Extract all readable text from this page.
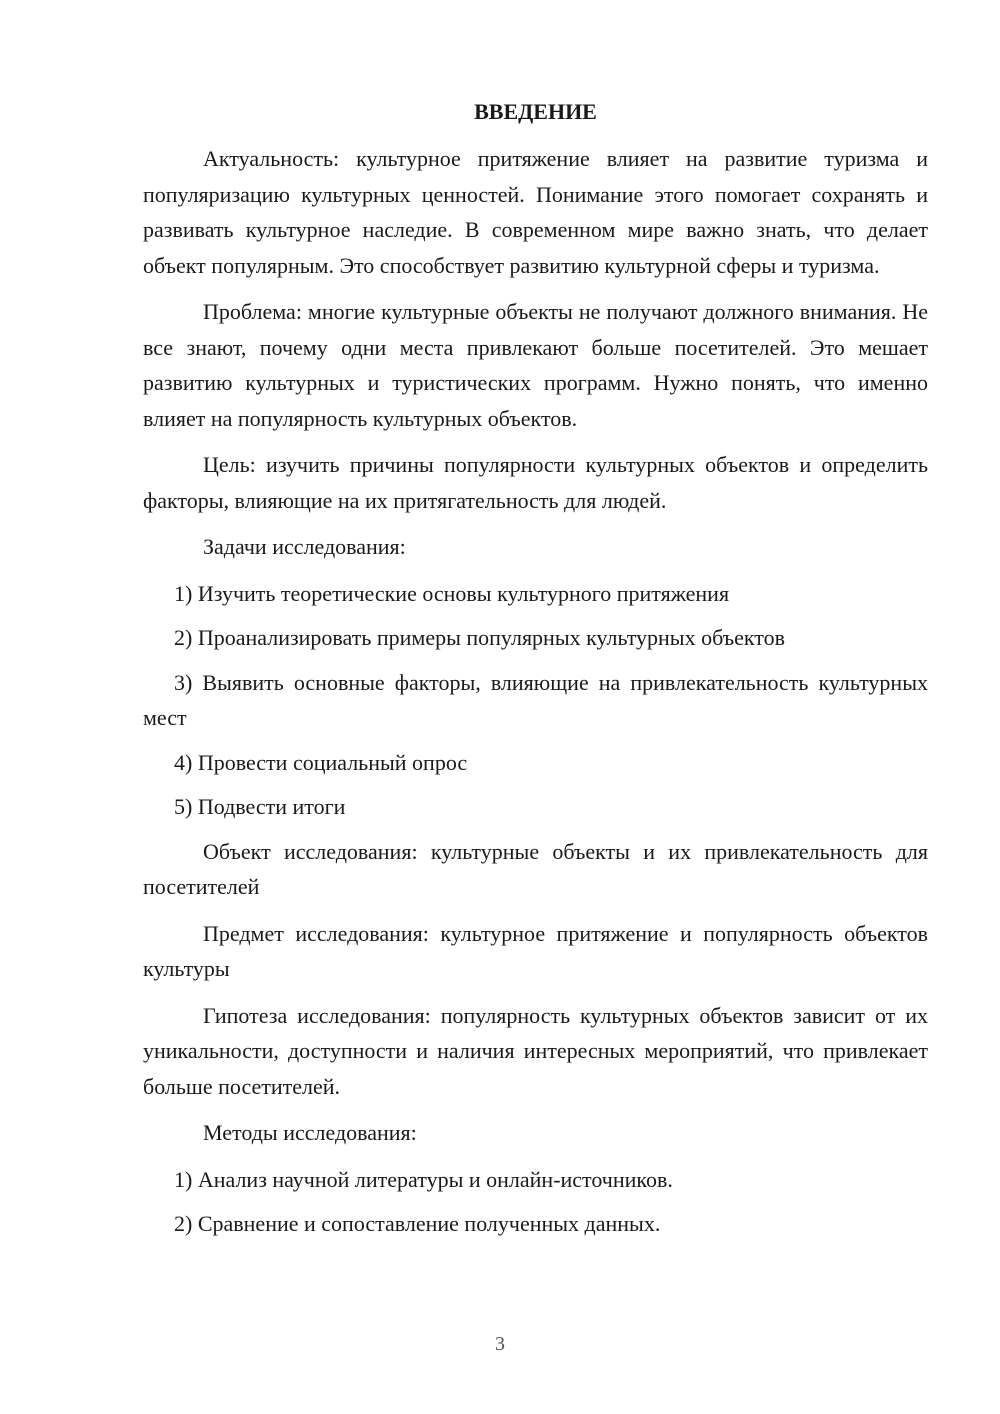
ВВЕДЕНИЕ

Актуальность: культурное притяжение влияет на развитие туризма и популяризацию культурных ценностей. Понимание этого помогает сохранять и развивать культурное наследие. В современном мире важно знать, что делает объект популярным. Это способствует развитию культурной сферы и туризма.

Проблема: многие культурные объекты не получают должного внимания. Не все знают, почему одни места привлекают больше посетителей. Это мешает развитию культурных и туристических программ. Нужно понять, что именно влияет на популярность культурных объектов.

Цель: изучить причины популярности культурных объектов и определить факторы, влияющие на их притягательность для людей.

Задачи исследования:

1) Изучить теоретические основы культурного притяжения

2) Проанализировать примеры популярных культурных объектов

3) Выявить основные факторы, влияющие на привлекательность культурных мест

4) Провести социальный опрос

5) Подвести итоги

Объект исследования: культурные объекты и их привлекательность для посетителей

Предмет исследования: культурное притяжение и популярность объектов культуры

Гипотеза исследования: популярность культурных объектов зависит от их уникальности, доступности и наличия интересных мероприятий, что привлекает больше посетителей.

Методы исследования:

1) Анализ научной литературы и онлайн-источников.

2) Сравнение и сопоставление полученных данных.

3
